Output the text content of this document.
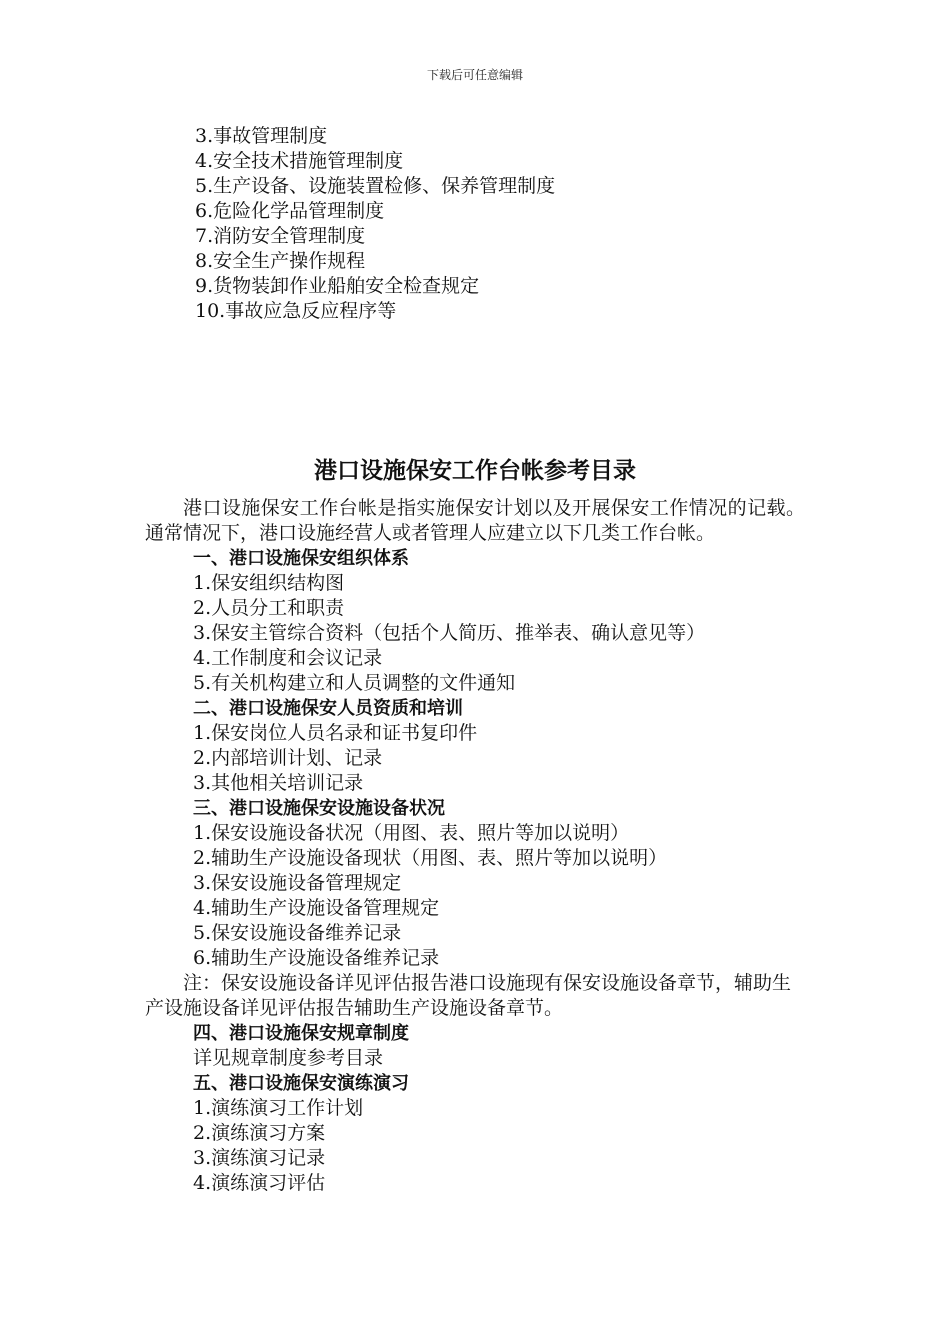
下载后可任意编辑
3.事故管理制度
4.安全技术措施管理制度
5.生产设备、设施装置检修、保养管理制度
6.危险化学品管理制度
7.消防安全管理制度
8.安全生产操作规程
9.货物装卸作业船舶安全检查规定
10.事故应急反应程序等
港口设施保安工作台帐参考目录

港口设施保安工作台帐是指实施保安计划以及开展保安工作情况的记载。通常情况下，港口设施经营人或者管理人应建立以下几类工作台帐。

一、港口设施保安组织体系
1.保安组织结构图
2.人员分工和职责
3.保安主管综合资料（包括个人简历、推举表、确认意见等）
4.工作制度和会议记录
5.有关机构建立和人员调整的文件通知
二、港口设施保安人员资质和培训
1.保安岗位人员名录和证书复印件
2.内部培训计划、记录
3.其他相关培训记录
三、港口设施保安设施设备状况
1.保安设施设备状况（用图、表、照片等加以说明）
2.辅助生产设施设备现状（用图、表、照片等加以说明）
3.保安设施设备管理规定
4.辅助生产设施设备管理规定
5.保安设施设备维养记录
6.辅助生产设施设备维养记录

注：保安设施设备详见评估报告港口设施现有保安设施设备章节，辅助生产设施设备详见评估报告辅助生产设施设备章节。

四、港口设施保安规章制度
详见规章制度参考目录
五、港口设施保安演练演习
1.演练演习工作计划
2.演练演习方案
3.演练演习记录
4.演练演习评估
